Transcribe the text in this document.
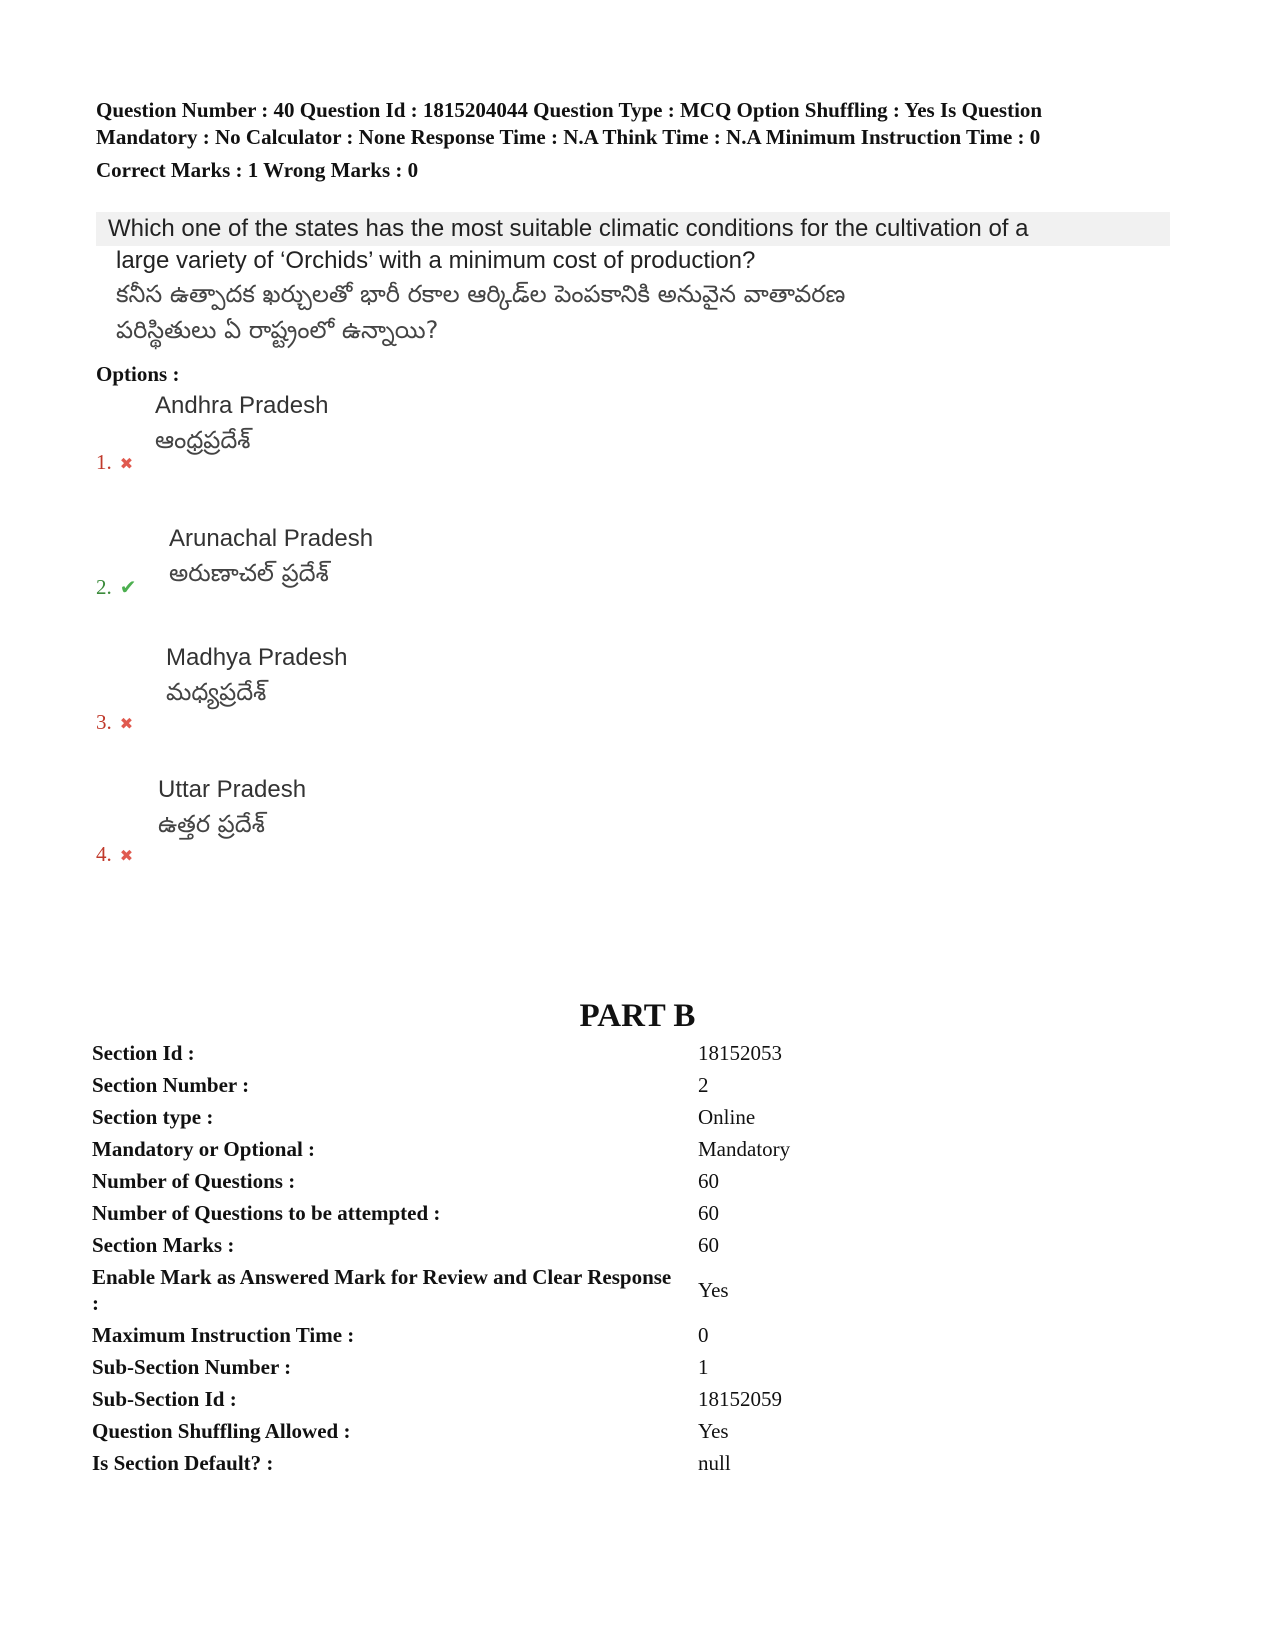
Question Number : 40 Question Id : 1815204044 Question Type : MCQ Option Shuffling : Yes Is Question
Mandatory : No Calculator : None Response Time : N.A Think Time : N.A Minimum Instruction Time : 0
Correct Marks : 1 Wrong Marks : 0
Which one of the states has the most suitable climatic conditions for the cultivation of a
large variety of ‘Orchids’ with a minimum cost of production?
కనీస ఉత్పాదక ఖర్చులతో భారీ రకాల ఆర్కిడ్‌ల పెంపకానికి అనువైన వాతావరణ
పరిస్థితులు ఏ రాష్ట్రంలో ఉన్నాయి?
Options :
Andhra Pradesh
ఆంధ్రప్రదేశ్
1. ✖
Arunachal Pradesh
అరుణాచల్ ప్రదేశ్
2. ✔
Madhya Pradesh
మధ్యప్రదేశ్
3. ✖
Uttar Pradesh
ఉత్తర ప్రదేశ్
4. ✖
PART B
Section Id :	18152053
Section Number :	2
Section type :	Online
Mandatory or Optional :	Mandatory
Number of Questions :	60
Number of Questions to be attempted :	60
Section Marks :	60
Enable Mark as Answered Mark for Review and Clear Response :
Yes
Maximum Instruction Time :	0
Sub-Section Number :	1
Sub-Section Id :	18152059
Question Shuffling Allowed :	Yes
Is Section Default? :	null
